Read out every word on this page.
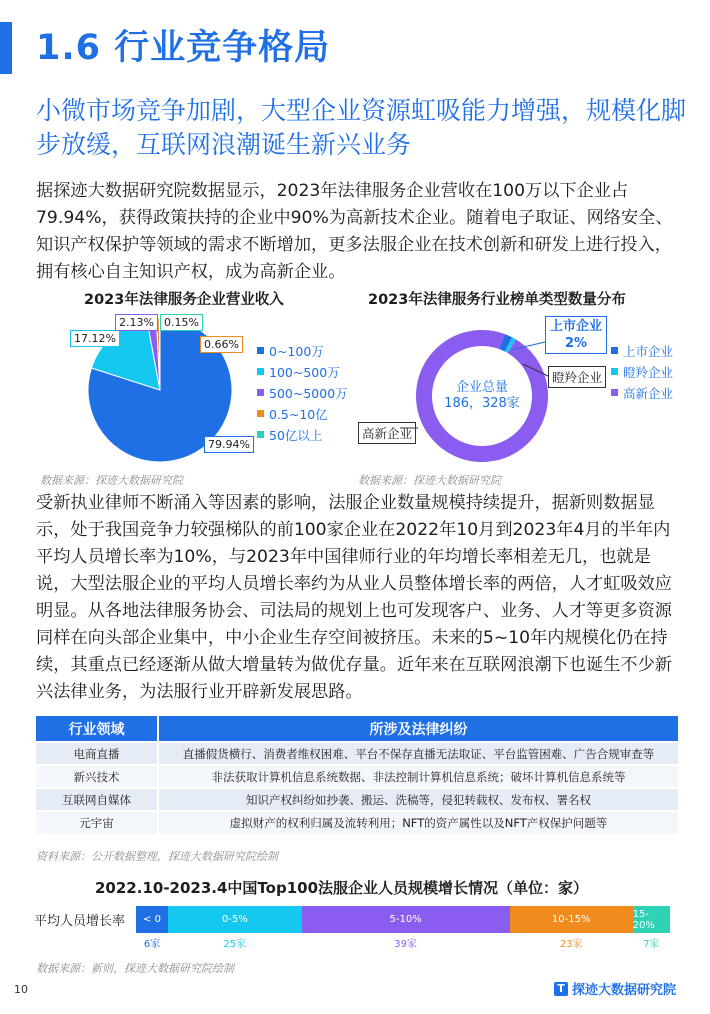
1.6 行业竞争格局
小微市场竞争加剧，大型企业资源虹吸能力增强，规模化脚步放缓，互联网浪潮诞生新兴业务
据探迹大数据研究院数据显示，2023年法律服务企业营收在100万以下企业占79.94%，获得政策扶持的企业中90%为高新技术企业。随着电子取证、网络安全、知识产权保护等领域的需求不断增加，更多法服企业在技术创新和研发上进行投入，拥有核心自主知识产权，成为高新企业。
2023年法律服务企业营业收入
17.12%
2.13% 0.15%
0.66%
79.94%
0~100万
100~500万
500~5000万
0.5~10亿
50亿以上
数据来源：探迹大数据研究院
2023年法律服务行业榜单类型数量分布
企业总量
186，328家
上市企业
2%
瞪羚企业
高新企业
上市企业
瞪羚企业
高新企业
数据来源：探迹大数据研究院
受新执业律师不断涌入等因素的影响，法服企业数量规模持续提升，据新则数据显示，处于我国竞争力较强梯队的前100家企业在2022年10月到2023年4月的半年内平均人员增长率为10%，与2023年中国律师行业的年均增长率相差无几，也就是说，大型法服企业的平均人员增长率约为从业人员整体增长率的两倍，人才虹吸效应明显。从各地法律服务协会、司法局的规划上也可发现客户、业务、人才等更多资源同样在向头部企业集中，中小企业生存空间被挤压。未来的5~10年内规模化仍在持续，其重点已经逐渐从做大增量转为做优存量。近年来在互联网浪潮下也诞生不少新兴法律业务，为法服行业开辟新发展思路。
行业领域	所涉及法律纠纷
电商直播	直播假货横行、消费者维权困难、平台不保存直播无法取证、平台监管困难、广告合规审查等
新兴技术	非法获取计算机信息系统数据、非法控制计算机信息系统；破坏计算机信息系统等
互联网自媒体	知识产权纠纷如抄袭、搬运、洗稿等，侵犯转载权、发布权、署名权
元宇宙	虚拟财产的权利归属及流转利用；NFT的资产属性以及NFT产权保护问题等
资料来源：公开数据整理，探迹大数据研究院绘制
2022.10-2023.4中国Top100法服企业人员规模增长情况（单位：家）
平均人员增长率	< 0	0-5%	5-10%	10-15%	15-20%
6家	25家	39家	23家	7家
数据来源：新则，探迹大数据研究院绘制
10	T 探迹大数据研究院
